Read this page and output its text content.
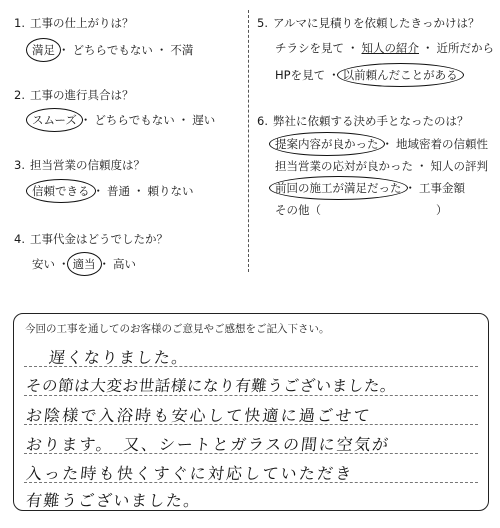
1. 工事の仕上がりは？
満足 ・ どちらでもない ・ 不満
2. 工事の進行具合は？
スムーズ ・ どちらでもない ・ 遅い
3. 担当営業の信頼度は？
信頼できる ・ 普通 ・ 頼りない
4. 工事代金はどうでしたか？
安い ・ 適当 ・ 高い
5. アルマに見積りを依頼したきっかけは？
チラシを見て ・ 知人の紹介 ・ 近所だから
HPを見て ・ 以前頼んだことがある
6. 弊社に依頼する決め手となったのは？
提案内容が良かった ・ 地域密着の信頼性
担当営業の応対が良かった ・ 知人の評判
前回の施工が満足だった ・ 工事金額
その他（　　　　　　　　　　）
今回の工事を通してのお客様のご意見やご感想をご記入下さい。
遅くなりました。
その節は大変お世話様になり有難うございました。
お陰様で入浴時も安心して快適に過ごせて
おります。　又、シートとガラスの間に空気が
入った時も快くすぐに対応していただき
有難うございました。
